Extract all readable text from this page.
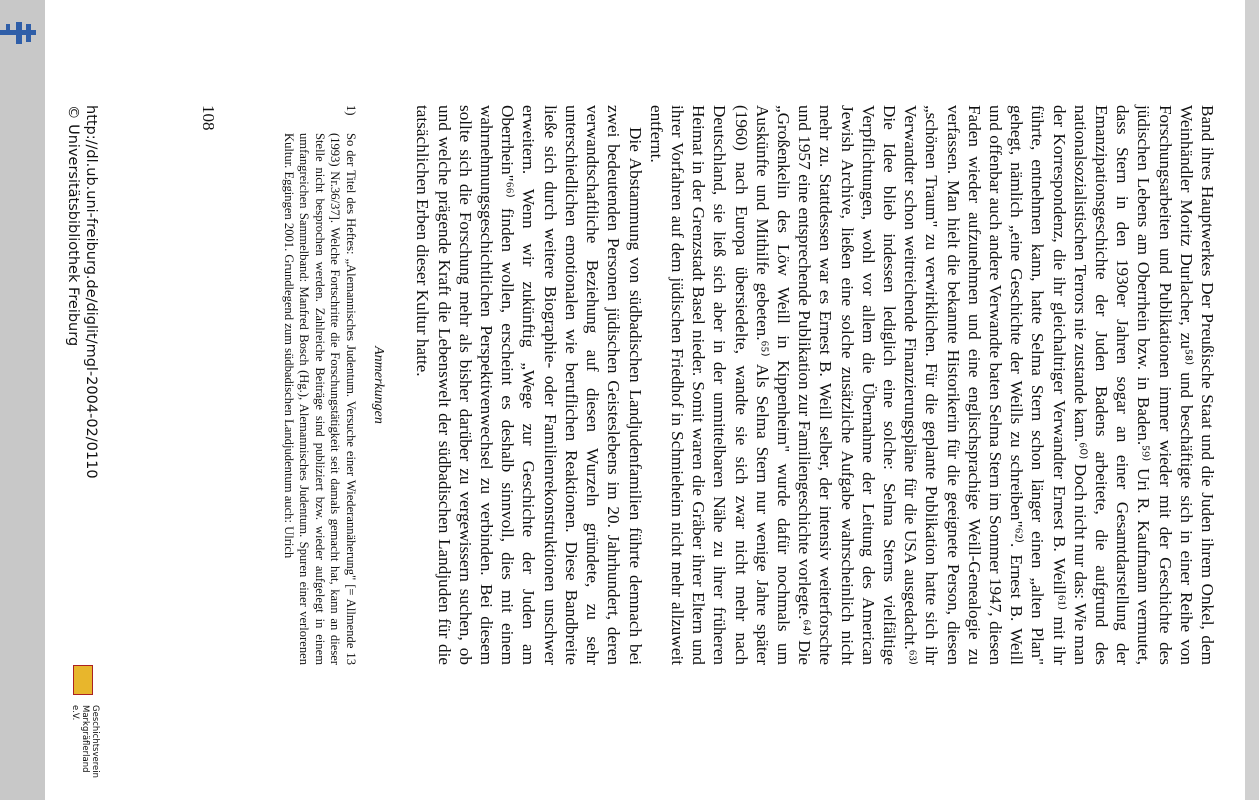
Band ihres Hauptwerkes Der Preußische Staat und die Juden ihrem Onkel, dem Weinhändler Moritz Durlacher, zu⁵⁸⁾ und beschäftigte sich in einer Reihe von Forschungsarbeiten und Publikationen immer wieder mit der Geschichte des jüdischen Lebens am Oberrhein bzw. in Baden.⁵⁹⁾ Uri R. Kaufmann vermutet, dass Stern in den 1930er Jahren sogar an einer Gesamtdarstellung der Emanzipationsgeschichte der Juden Badens arbeitete, die aufgrund des nationalsozialistischen Terrors nie zustande kam.⁶⁰⁾ Doch nicht nur das: Wie man der Korrespondenz, die ihr gleichaltriger Verwandter Ernest B. Weill⁶¹⁾ mit ihr führte, entnehmen kann, hatte Selma Stern schon länger einen „alten Plan" gehegt, nämlich „eine Geschichte der Weills zu schreiben"⁶²⁾. Ernest B. Weill und offenbar auch andere Verwandte baten Selma Stern im Sommer 1947, diesen Faden wieder aufzunehmen und eine englischsprachige Weill-Genealogie zu verfassen. Man hielt die bekannte Historikerin für die geeignete Person, diesen „schönen Traum" zu verwirklichen. Für die geplante Publikation hatte sich ihr Verwandter schon weitreichende Finanzierungspläne für die USA ausgedacht.⁶³⁾ Die Idee blieb indessen lediglich eine solche: Selma Sterns vielfältige Verpflichtungen, wohl vor allem die Übernahme der Leitung des American Jewish Archive, ließen eine solche zusätzliche Aufgabe wahrscheinlich nicht mehr zu. Stattdessen war es Ernest B. Weill selber, der intensiv weiterforschte und 1957 eine entsprechende Publikation zur Familiengeschichte vorlegte.⁶⁴⁾ Die „Großenkelin des Löw Weill in Kippenheim" wurde dafür nochmals um Auskünfte und Mithilfe gebeten.⁶⁵⁾ Als Selma Stern nur wenige Jahre später (1960) nach Europa übersiedelte, wandte sie sich zwar nicht mehr nach Deutschland, sie ließ sich aber in der unmittelbaren Nähe zu ihrer früheren Heimat in der Grenzstadt Basel nieder. Somit waren die Gräber ihrer Eltern und ihrer Vorfahren auf dem jüdischen Friedhof in Schmieheim nicht mehr allzuweit entfernt.

Die Abstammung von südbadischen Landjudenfamilien führte demnach bei zwei bedeutenden Personen jüdischen Geisteslebens im 20. Jahrhundert, deren verwandtschaftliche Beziehung auf diesen Wurzeln gründete, zu sehr unterschiedlichen emotionalen wie beruflichen Reaktionen. Diese Bandbreite ließe sich durch weitere Biographie- oder Familienrekonstruktionen unschwer erweitern. Wenn wir zukünftig „Wege zur Geschichte der Juden am Oberrhein"⁶⁶⁾ finden wollen, erscheint es deshalb sinnvoll, dies mit einem wahrnehmungsgeschichtlichen Perspektivenwechsel zu verbinden. Bei diesem sollte sich die Forschung mehr als bisher darüber zu vergewissern suchen, ob und welche prägende Kraft die Lebenswelt der südbadischen Landjuden für die tatsächlichen Erben dieser Kultur hatte.

Anmerkungen
1)
So der Titel des Heftes: „Alemannisches Judentum. Versuche einer Wiederannäherung" [= Allmende 13 (1993) Nr.36/37]. Welche Fortschritte die Forschungstätigkeit seit damals gemacht hat, kann an dieser Stelle nicht besprochen werden. Zahlreiche Beiträge sind publiziert bzw. wieder aufgelegt in einem umfangreichen Sammelband: Manfred Bosch (Hg.), Alemannisches Judentum. Spuren einer verlorenen Kultur. Eggingen 2001. Grundlegend zum südbadischen Landjudentum auch: Ulrich
108
http://dl.ub.uni-freiburg.de/diglit/mgl-2004-02/0110
© Universitätsbibliothek Freiburg
Geschichtsverein
Markgräflerland e.V.
